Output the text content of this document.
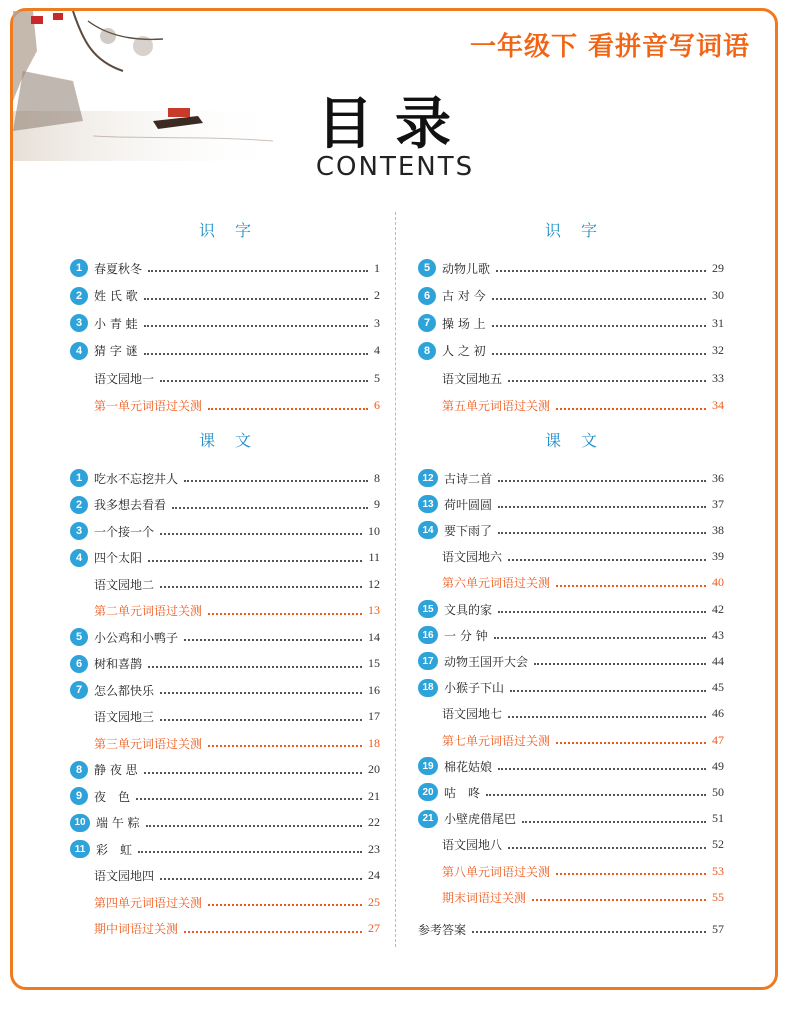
一年级下 看拼音写词语
目录
CONTENTS
识字
1 春夏秋冬	1
2 姓 氏 歌	2
3 小 青 蛙	3
4 猜 字 谜	4
语文园地一	5
第一单元词语过关测	6
课文
1 吃水不忘挖井人	8
2 我多想去看看	9
3 一个接一个	10
4 四个太阳	11
语文园地二	12
第二单元词语过关测	13
5 小公鸡和小鸭子	14
6 树和喜鹊	15
7 怎么都快乐	16
语文园地三	17
第三单元词语过关测	18
8 静 夜 思	20
9 夜　色	21
10 端 午 粽	22
11 彩　虹	23
语文园地四	24
第四单元词语过关测	25
期中词语过关测	27
识字
5 动物儿歌	29
6 古 对 今	30
7 操 场 上	31
8 人 之 初	32
语文园地五	33
第五单元词语过关测	34
课文
12 古诗二首	36
13 荷叶圆圆	37
14 要下雨了	38
语文园地六	39
第六单元词语过关测	40
15 文具的家	42
16 一 分 钟	43
17 动物王国开大会	44
18 小猴子下山	45
语文园地七	46
第七单元词语过关测	47
19 棉花姑娘	49
20 咕　咚	50
21 小壁虎借尾巴	51
语文园地八	52
第八单元词语过关测	53
期末词语过关测	55
参考答案	57
